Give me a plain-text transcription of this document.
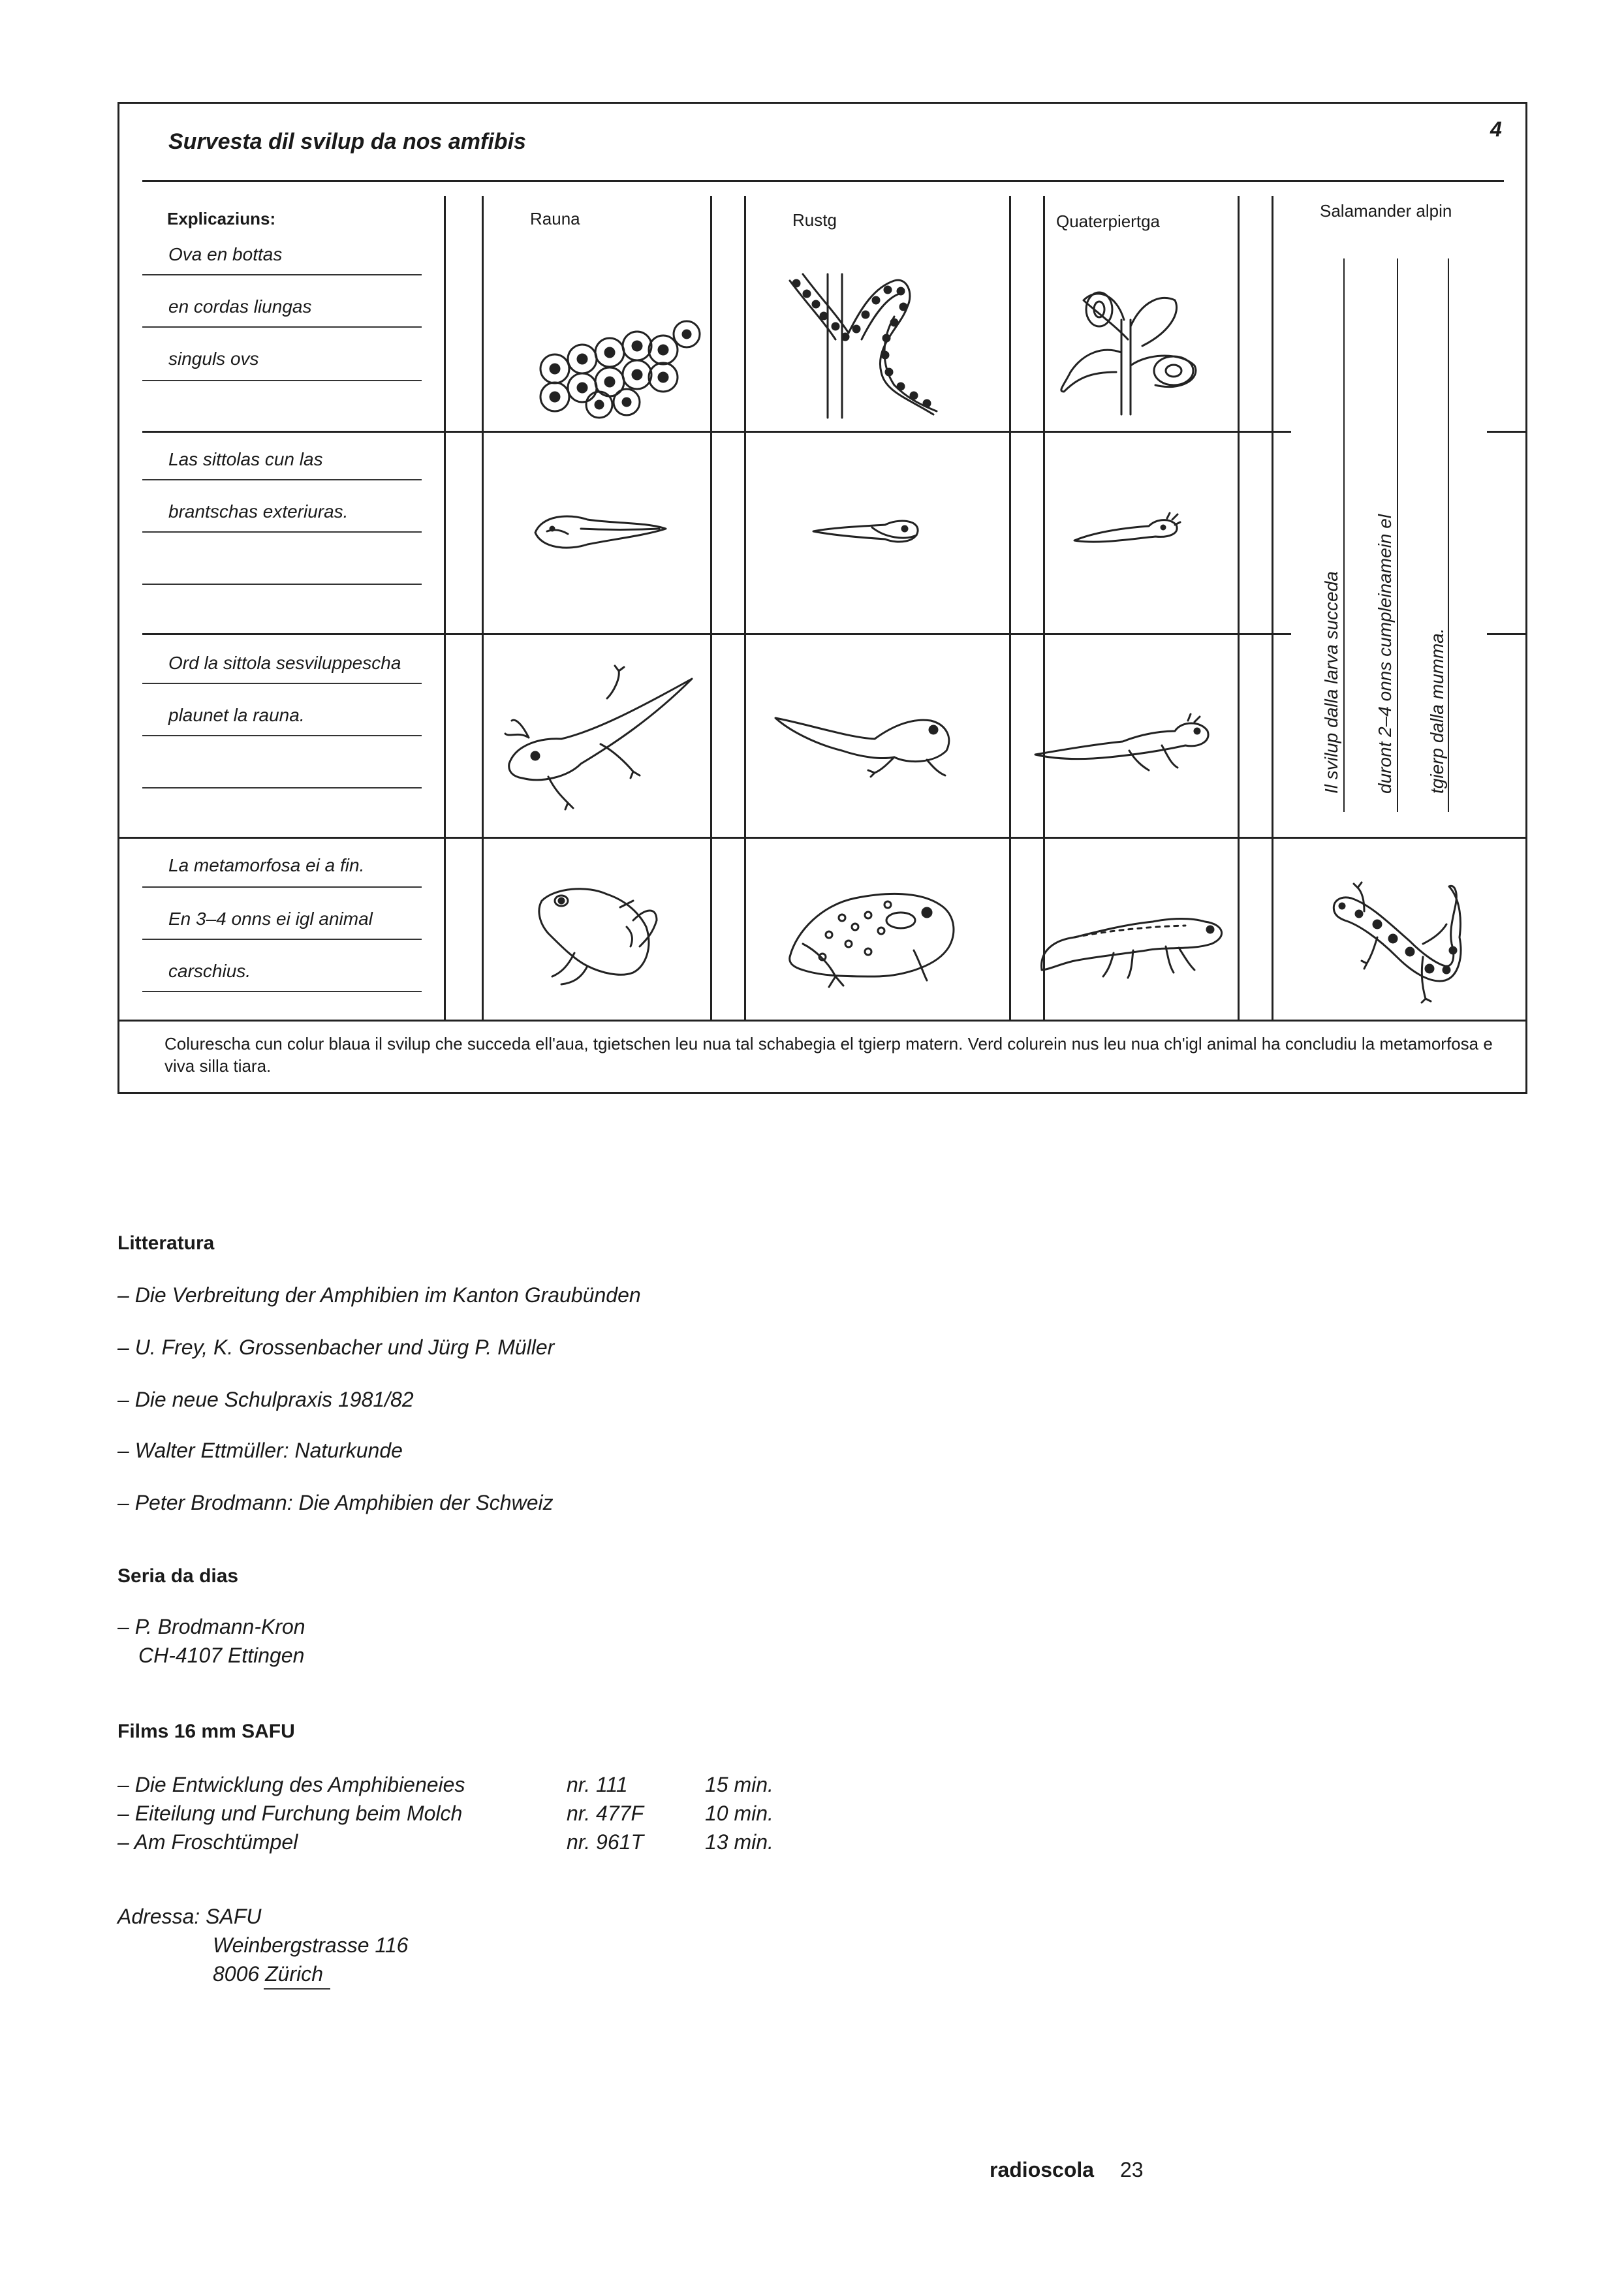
Survesta dil svilup da nos amfibis	4
Explicaziuns:	Rauna	Rustg	Quaterpiertga
Salamander alpin
Ova en bottas
en cordas liungas
singuls ovs
Las sittolas cun las
brantschas exteriuras.
Ord la sittola sesviluppescha
plaunet la rauna.
La metamorfosa ei a fin.
En 3–4 onns ei igl animal
carschius.
Il svilup dalla larva succeda duront 2–4 onns cumpleinamein el tgierp dalla mumma.
Colurescha cun colur blaua il svilup che succeda ell'aua, tgietschen leu nua tal schabegia el tgierp matern. Verd colurein nus leu nua ch'igl animal ha concludiu la metamorfosa e viva silla tiara.
Litteratura
– Die Verbreitung der Amphibien im Kanton Graubünden
– U. Frey, K. Grossenbacher und Jürg P. Müller
– Die neue Schulpraxis 1981/82
– Walter Ettmüller: Naturkunde
– Peter Brodmann: Die Amphibien der Schweiz
Seria da dias
– P. Brodmann-Kron
CH-4107 Ettingen
Films 16 mm SAFU
– Die Entwicklung des Amphibieneies	nr. 111	15 min.
– Eiteilung und Furchung beim Molch	nr. 477F	10 min.
– Am Froschtümpel	nr. 961T	13 min.
Adressa: SAFU
Weinbergstrasse 116
8006 Zürich
radioscola 23
